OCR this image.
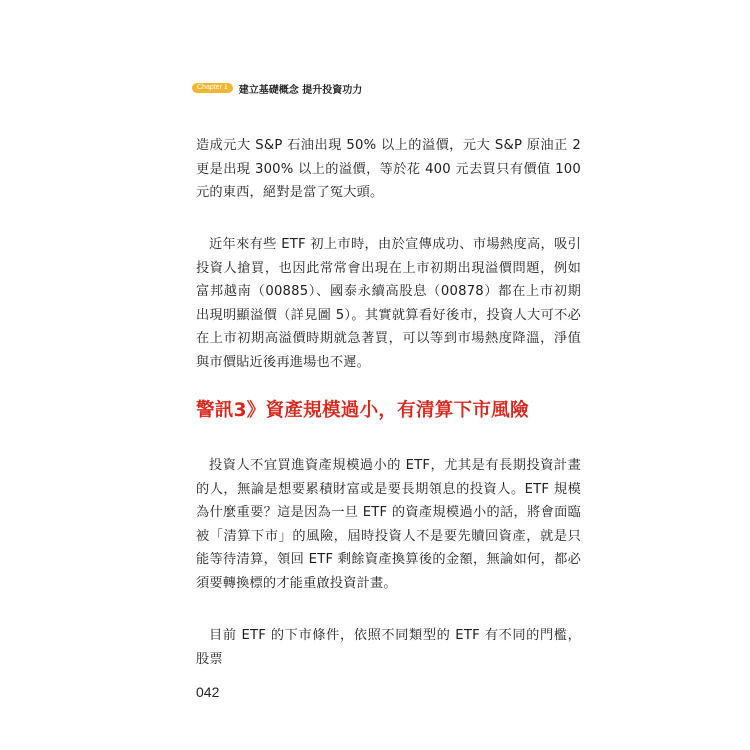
Chapter 1	建立基礎概念 提升投資功力

造成元大 S&P 石油出現 50% 以上的溢價，元大 S&P 原油正 2 更是出現 300% 以上的溢價，等於花 400 元去買只有價值 100 元的東西，絕對是當了冤大頭。

近年來有些 ETF 初上市時，由於宣傳成功、市場熱度高，吸引投資人搶買，也因此常常會出現在上市初期出現溢價問題，例如富邦越南（00885）、國泰永續高股息（00878）都在上市初期出現明顯溢價（詳見圖 5）。其實就算看好後市，投資人大可不必在上市初期高溢價時期就急著買，可以等到市場熱度降溫，淨值與市價貼近後再進場也不遲。

警訊3》資產規模過小，有清算下市風險

投資人不宜買進資產規模過小的 ETF，尤其是有長期投資計畫的人，無論是想要累積財富或是要長期領息的投資人。ETF 規模為什麼重要？這是因為一旦 ETF 的資產規模過小的話，將會面臨被「清算下市」的風險，屆時投資人不是要先贖回資產，就是只能等待清算，領回 ETF 剩餘資產換算後的金額，無論如何，都必須要轉換標的才能重啟投資計畫。

目前 ETF 的下市條件，依照不同類型的 ETF 有不同的門檻，股票

042
